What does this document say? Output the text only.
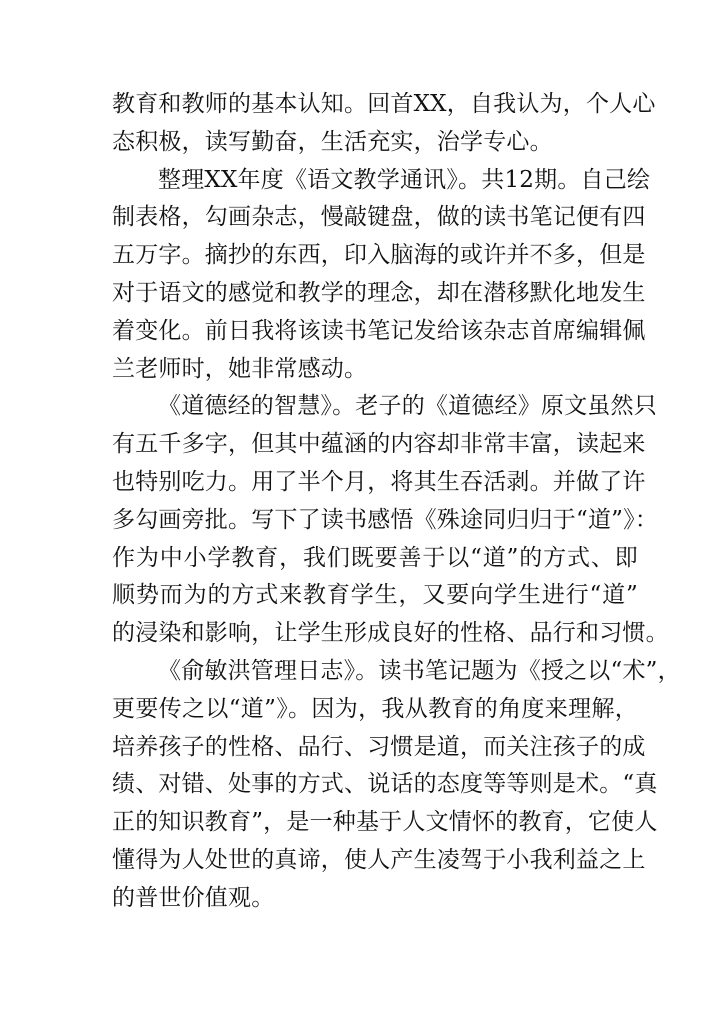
教育和教师的基本认知。回首XX，自我认为，个人心
态积极，读写勤奋，生活充实，治学专心。
整理XX年度《语文教学通讯》。共12期。自己绘
制表格，勾画杂志，慢敲键盘，做的读书笔记便有四
五万字。摘抄的东西，印入脑海的或许并不多，但是
对于语文的感觉和教学的理念，却在潜移默化地发生
着变化。前日我将该读书笔记发给该杂志首席编辑佩
兰老师时，她非常感动。
《道德经的智慧》。老子的《道德经》原文虽然只
有五千多字，但其中蕴涵的内容却非常丰富，读起来
也特别吃力。用了半个月，将其生吞活剥。并做了许
多勾画旁批。写下了读书感悟《殊途同归归于“道”》：
作为中小学教育，我们既要善于以“道”的方式、即
顺势而为的方式来教育学生，又要向学生进行“道”
的浸染和影响，让学生形成良好的性格、品行和习惯。
《俞敏洪管理日志》。读书笔记题为《授之以“术”，
更要传之以“道”》。因为，我从教育的角度来理解，
培养孩子的性格、品行、习惯是道，而关注孩子的成
绩、对错、处事的方式、说话的态度等等则是术。“真
正的知识教育”，是一种基于人文情怀的教育，它使人
懂得为人处世的真谛，使人产生凌驾于小我利益之上
的普世价值观。
